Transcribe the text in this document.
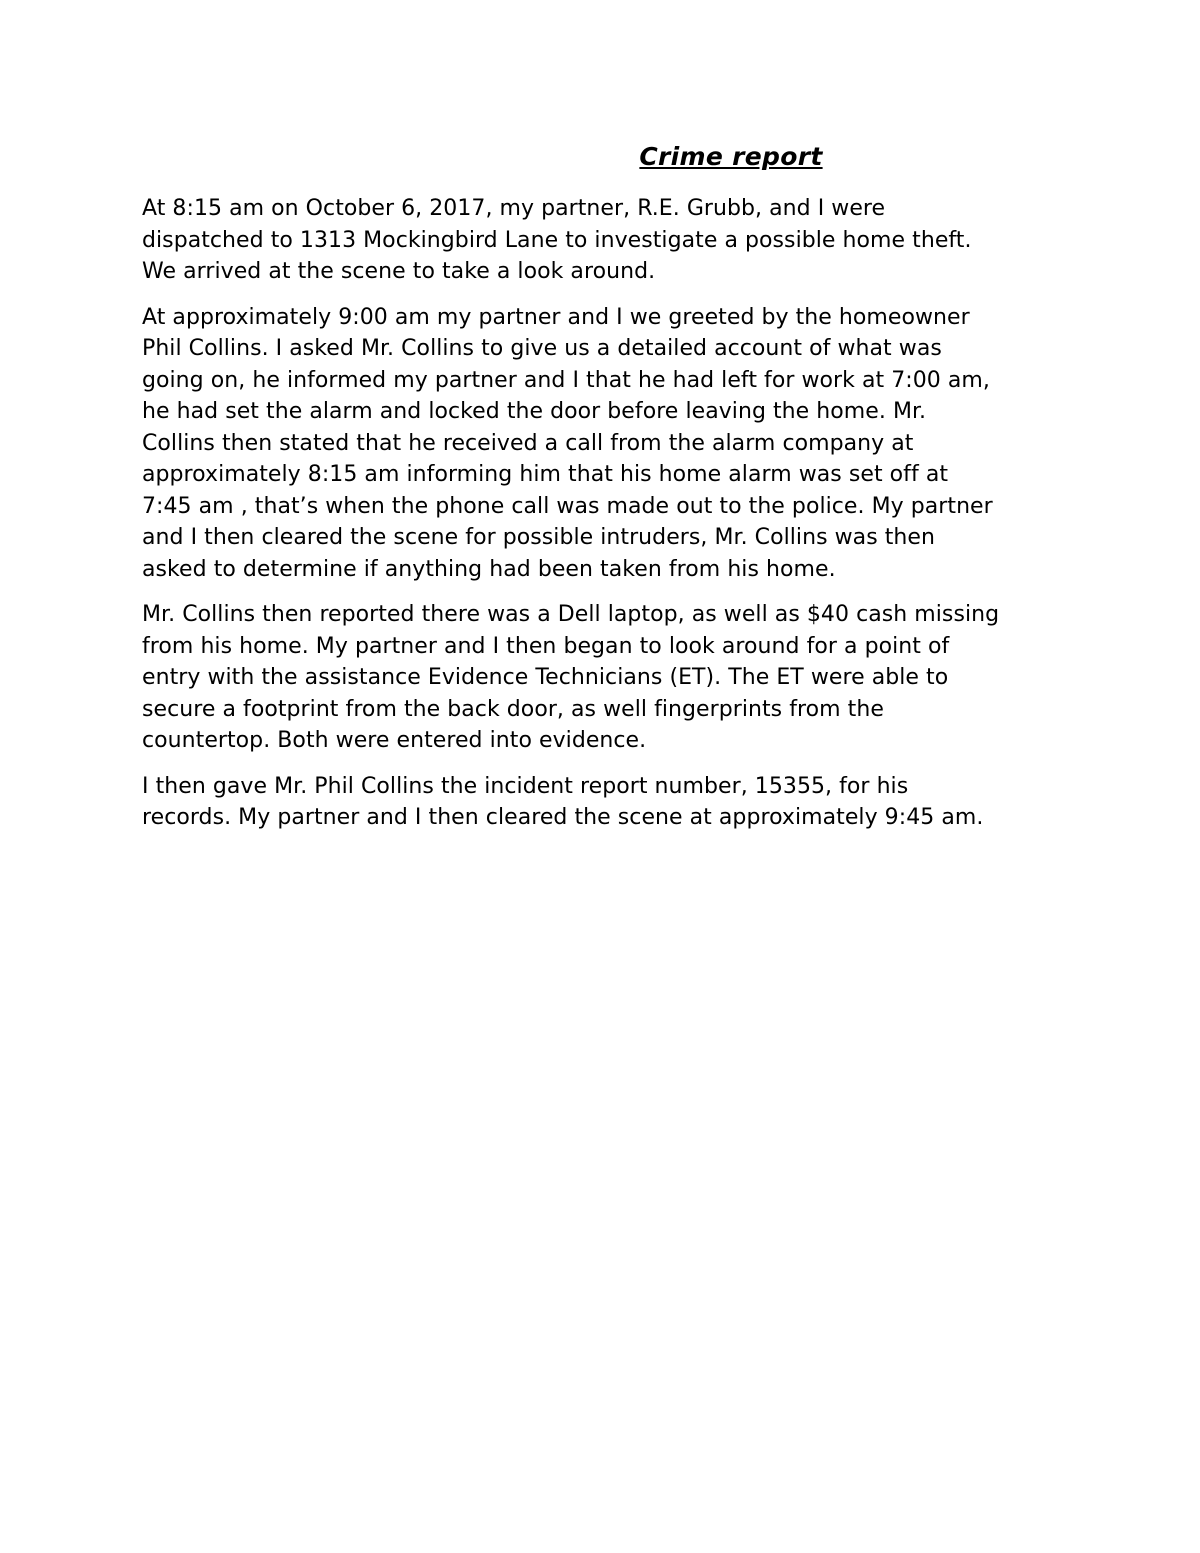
Crime report

At 8:15 am on October 6, 2017, my partner, R.E. Grubb, and I were
dispatched to 1313 Mockingbird Lane to investigate a possible home theft.
We arrived at the scene to take a look around.

At approximately 9:00 am my partner and I we greeted by the homeowner
Phil Collins. I asked Mr. Collins to give us a detailed account of what was
going on, he informed my partner and I that he had left for work at 7:00 am,
he had set the alarm and locked the door before leaving the home. Mr.
Collins then stated that he received a call from the alarm company at
approximately 8:15 am informing him that his home alarm was set off at
7:45 am , that’s when the phone call was made out to the police. My partner
and I then cleared the scene for possible intruders, Mr. Collins was then
asked to determine if anything had been taken from his home.

Mr. Collins then reported there was a Dell laptop, as well as $40 cash missing
from his home. My partner and I then began to look around for a point of
entry with the assistance Evidence Technicians (ET). The ET were able to
secure a footprint from the back door, as well fingerprints from the
countertop. Both were entered into evidence.

I then gave Mr. Phil Collins the incident report number, 15355, for his
records. My partner and I then cleared the scene at approximately 9:45 am.
